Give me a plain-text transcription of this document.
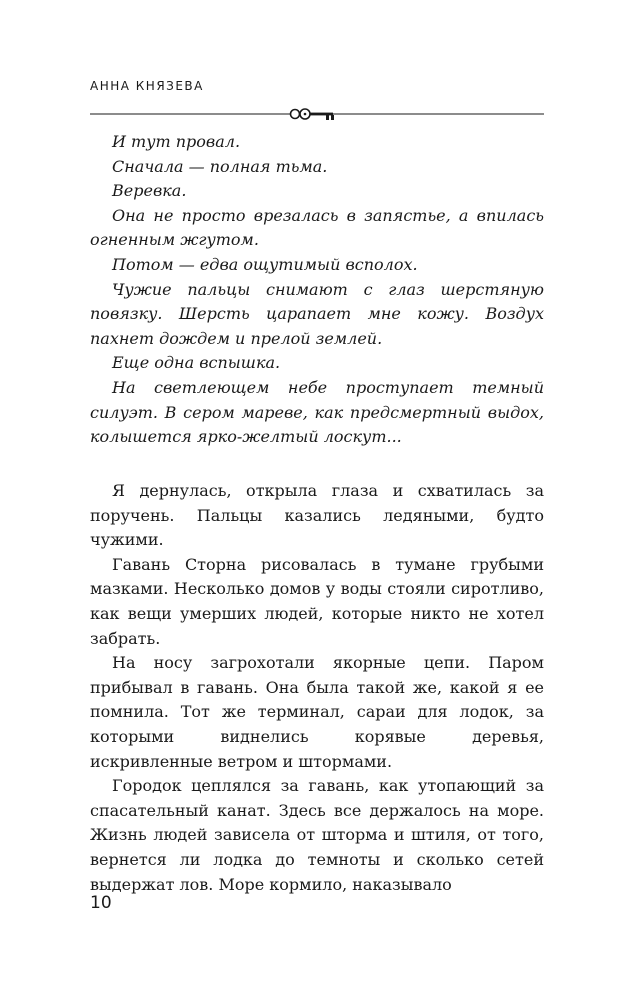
АННА КНЯЗЕВА

И тут провал.

Сначала — полная тьма.

Веревка.

Она не просто врезалась в запястье, а впилась огненным жгутом.

Потом — едва ощутимый всполох.

Чужие пальцы снимают с глаз шерстяную повязку. Шерсть царапает мне кожу. Воздух пахнет дождем и прелой землей.

Еще одна вспышка.

На светлеющем небе проступает темный силуэт. В сером мареве, как предсмертный выдох, колышется ярко-желтый лоскут...

Я дернулась, открыла глаза и схватилась за поручень. Пальцы казались ледяными, будто чужими.

Гавань Сторна рисовалась в тумане грубыми мазками. Несколько домов у воды стояли сиротливо, как вещи умерших людей, которые никто не хотел забрать.

На носу загрохотали якорные цепи. Паром прибывал в гавань. Она была такой же, какой я ее помнила. Тот же терминал, сараи для лодок, за которыми виднелись корявые деревья, искривленные ветром и штормами.

Городок цеплялся за гавань, как утопающий за спасательный канат. Здесь все держалось на море. Жизнь людей зависела от шторма и штиля, от того, вернется ли лодка до темноты и сколько сетей выдержат лов. Море кормило, наказывало

10
